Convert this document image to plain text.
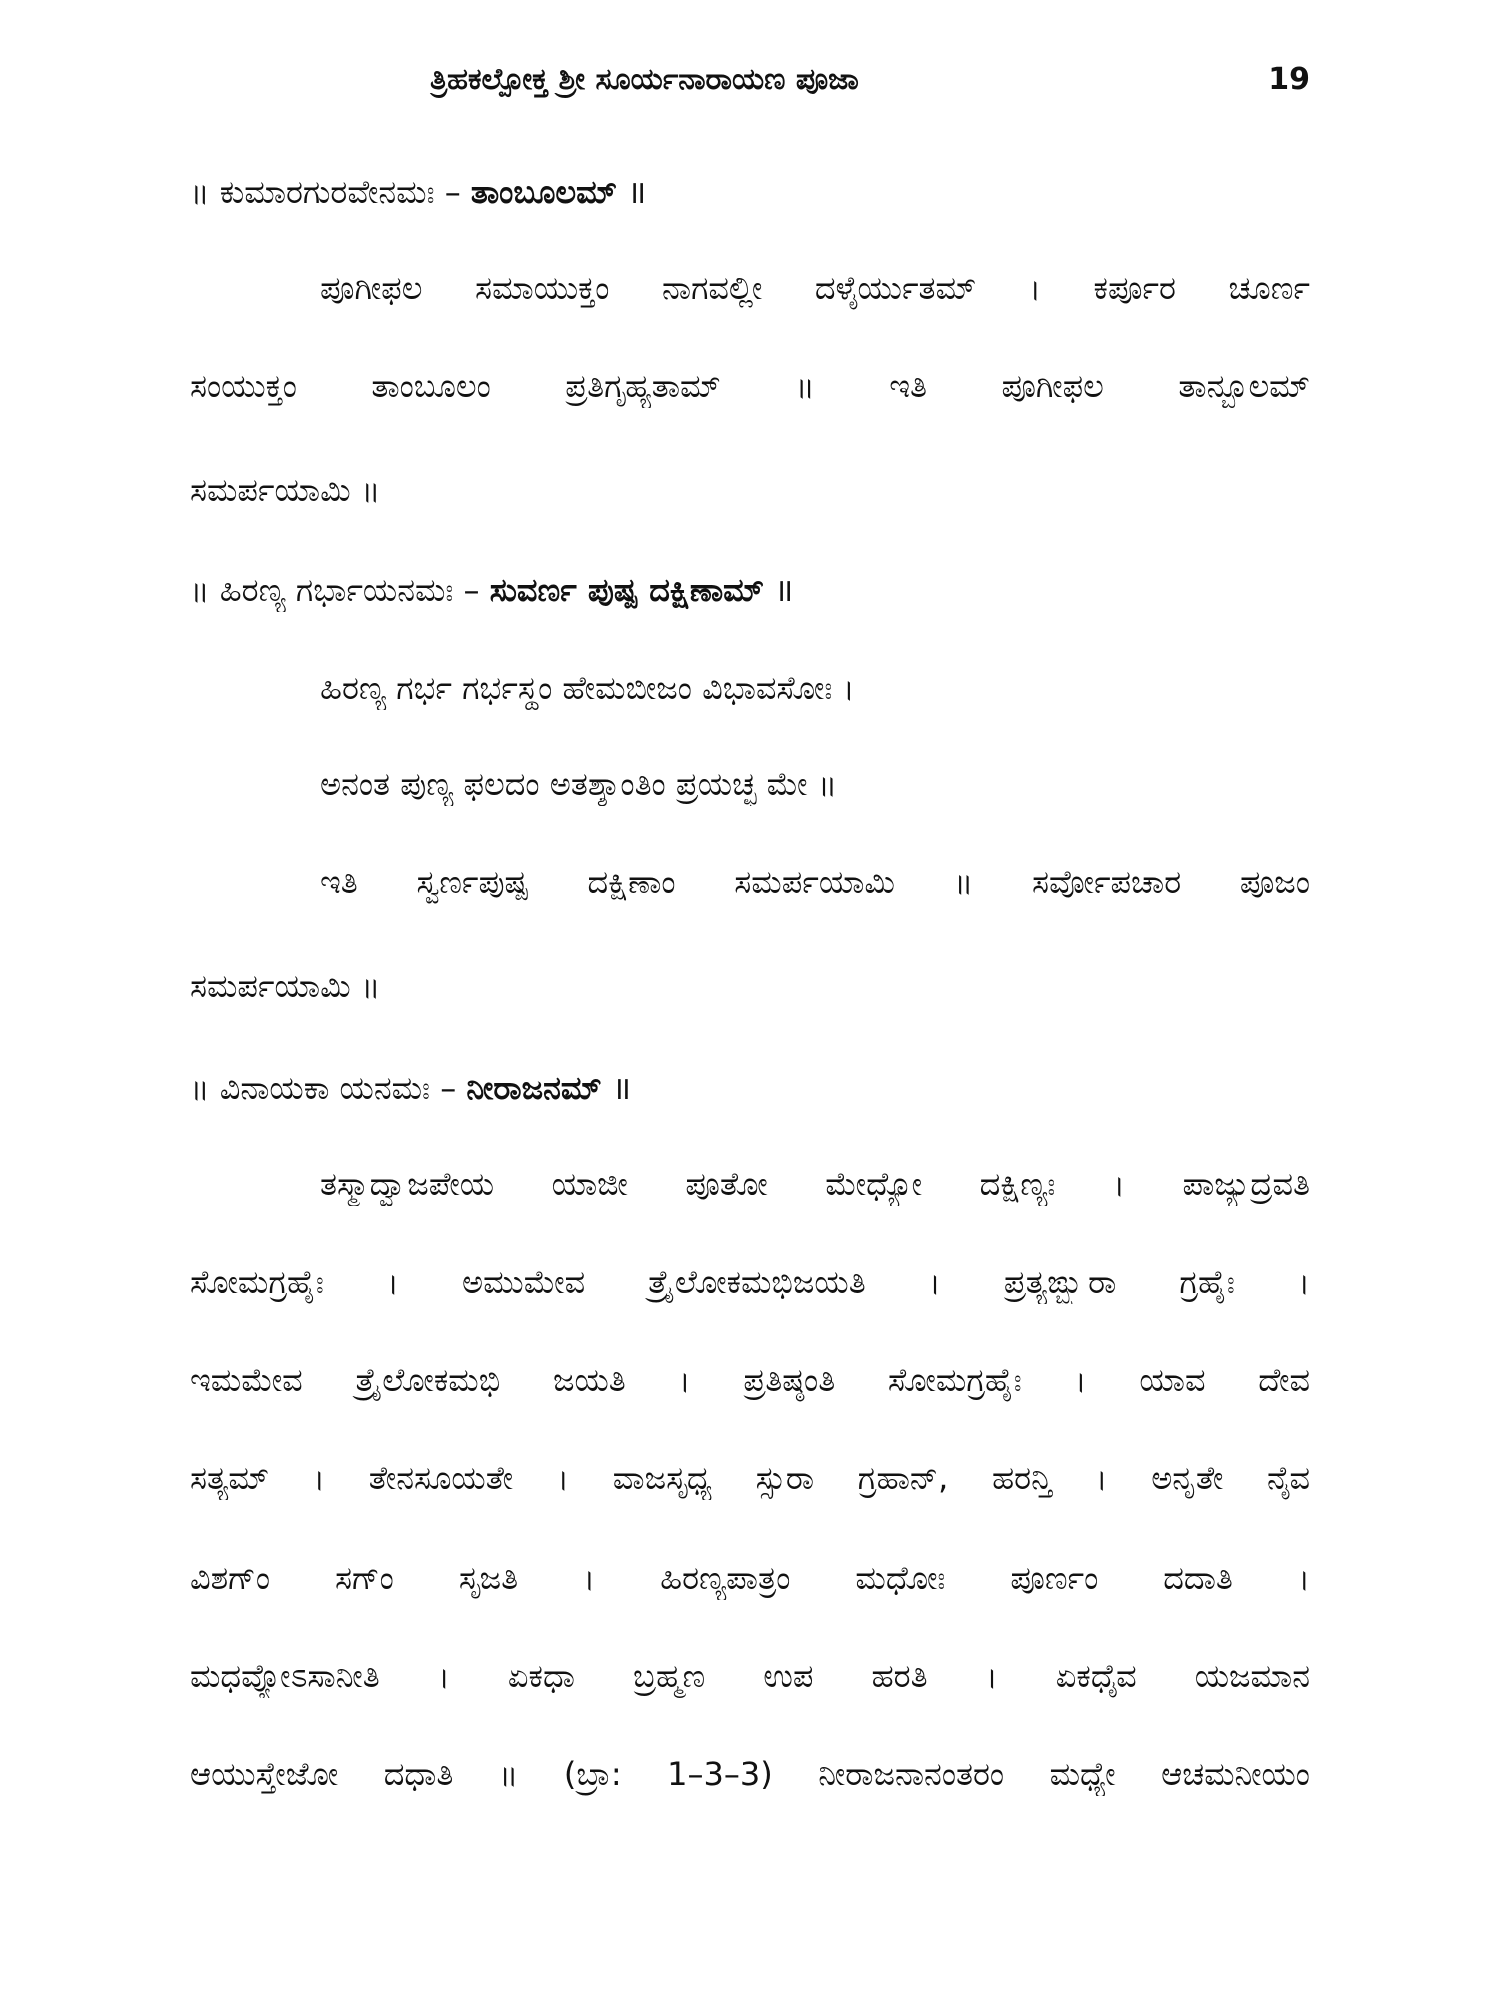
ತ್ರಿಹಕಲ್ಪೋಕ್ತ ಶ್ರೀ ಸೂರ್ಯನಾರಾಯಣ ಪೂಜಾ	19
॥ ಕುಮಾರಗುರವೇನಮಃ – ತಾಂಬೂಲಮ್ ॥
ಪೂಗೀಫಲ ಸಮಾಯುಕ್ತಂ ನಾಗವಲ್ಲೀ ದಳೈರ್ಯುತಮ್ । ಕರ್ಪೂರ ಚೂರ್ಣ
ಸಂಯುಕ್ತಂ ತಾಂಬೂಲಂ ಪ್ರತಿಗೃಹ್ಯತಾಮ್ ॥ ಇತಿ ಪೂಗೀಫಲ ತಾನ್ಬೂಲಮ್
ಸಮರ್ಪಯಾಮಿ ॥
॥ ಹಿರಣ್ಯ ಗರ್ಭಾಯನಮಃ – ಸುವರ್ಣ ಪುಷ್ಪ ದಕ್ಷಿಣಾಮ್ ॥
ಹಿರಣ್ಯ ಗರ್ಭ ಗರ್ಭಸ್ಥಂ ಹೇಮಬೀಜಂ ವಿಭಾವಸೋಃ ।
ಅನಂತ ಪುಣ್ಯ ಫಲದಂ ಅತಶ್ಶಾಂತಿಂ ಪ್ರಯಚ್ಛ ಮೇ ॥
ಇತಿ ಸ್ವರ್ಣಪುಷ್ಪ ದಕ್ಷಿಣಾಂ ಸಮರ್ಪಯಾಮಿ ॥ ಸರ್ವೋಪಚಾರ ಪೂಜಂ
ಸಮರ್ಪಯಾಮಿ ॥
॥ ವಿನಾಯಕಾ ಯನಮಃ – ನೀರಾಜನಮ್ ॥
ತಸ್ಮಾದ್ವಾಜಪೇಯ ಯಾಜೀ ಪೂತೋ ಮೇಧ್ಯೋ ದಕ್ಷಿಣ್ಯಃ । ಪಾಜ್ಯುದ್ರವತಿ
ಸೋಮಗ್ರಹೈಃ । ಅಮುಮೇವ ತ್ರೈಲೋಕಮಭಿಜಯತಿ । ಪ್ರತ್ಯಙ್ಭ್ಸುರಾ ಗ್ರಹೈಃ ।
ಇಮಮೇವ ತ್ರೈಲೋಕಮಭಿ ಜಯತಿ । ಪ್ರತಿಷ್ಠಂತಿ ಸೋಮಗ್ರಹೈಃ । ಯಾವ ದೇವ
ಸತ್ಯಮ್ । ತೇನಸೂಯತೇ । ವಾಜಸೃಧ್ಯ ಸ್ಸುರಾ ಗ್ರಹಾನ್, ಹರನ್ತಿ । ಅನೃತೇ ನೈವ
ವಿಶಗ್ಂ ಸಗ್ಂ ಸೃಜತಿ । ಹಿರಣ್ಯಪಾತ್ರಂ ಮಧೋಃ ಪೂರ್ಣಂ ದದಾತಿ ।
ಮಧವ್ಯೋಽಸಾನೀತಿ । ಏಕಧಾ ಬ್ರಹ್ಮಣ ಉಪ ಹರತಿ । ಏಕಧೈವ ಯಜಮಾನ
ಆಯುಸ್ತೇಜೋ ದಧಾತಿ ॥ (ಬ್ರಾ: 1–3–3) ನೀರಾಜನಾನಂತರಂ ಮಧ್ಯೇ ಆಚಮನೀಯಂ
